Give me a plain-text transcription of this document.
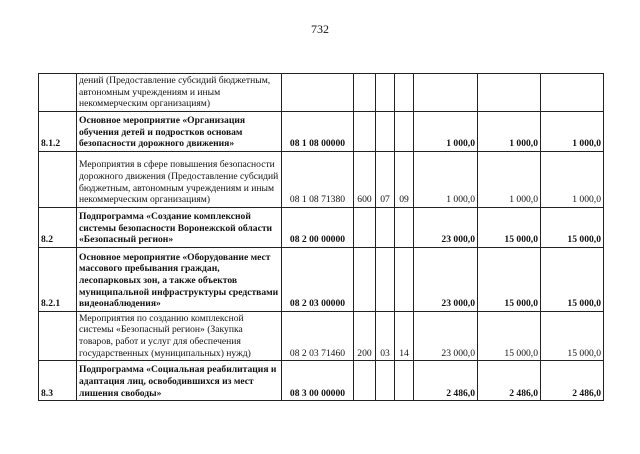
732
	дений (Предоставление субсидий бюджетным, автономным учреждениям и иным некоммерческим организациям)							
8.1.2	Основное мероприятие «Организация обучения детей и подростков основам безопасности дорожного движения»	08 1 08 00000				1 000,0	1 000,0	1 000,0
	Мероприятия в сфере повышения безопасности дорожного движения (Предоставление субсидий бюджетным, автономным учреждениям и иным некоммерческим организациям)	08 1 08 71380	600	07	09	1 000,0	1 000,0	1 000,0
8.2	Подпрограмма «Создание комплексной системы безопасности Воронежской области «Безопасный регион»	08 2 00 00000				23 000,0	15 000,0	15 000,0
8.2.1	Основное мероприятие «Оборудование мест массового пребывания граждан, лесопарковых зон, а также объектов муниципальной инфраструктуры средствами видеонаблюдения»	08 2 03 00000				23 000,0	15 000,0	15 000,0
	Мероприятия по созданию комплексной системы «Безопасный регион» (Закупка товаров, работ и услуг для обеспечения государственных (муниципальных) нужд)	08 2 03 71460	200	03	14	23 000,0	15 000,0	15 000,0
8.3	Подпрограмма «Социальная реабилитация и адаптация лиц, освободившихся из мест лишения свободы»	08 3 00 00000				2 486,0	2 486,0	2 486,0
